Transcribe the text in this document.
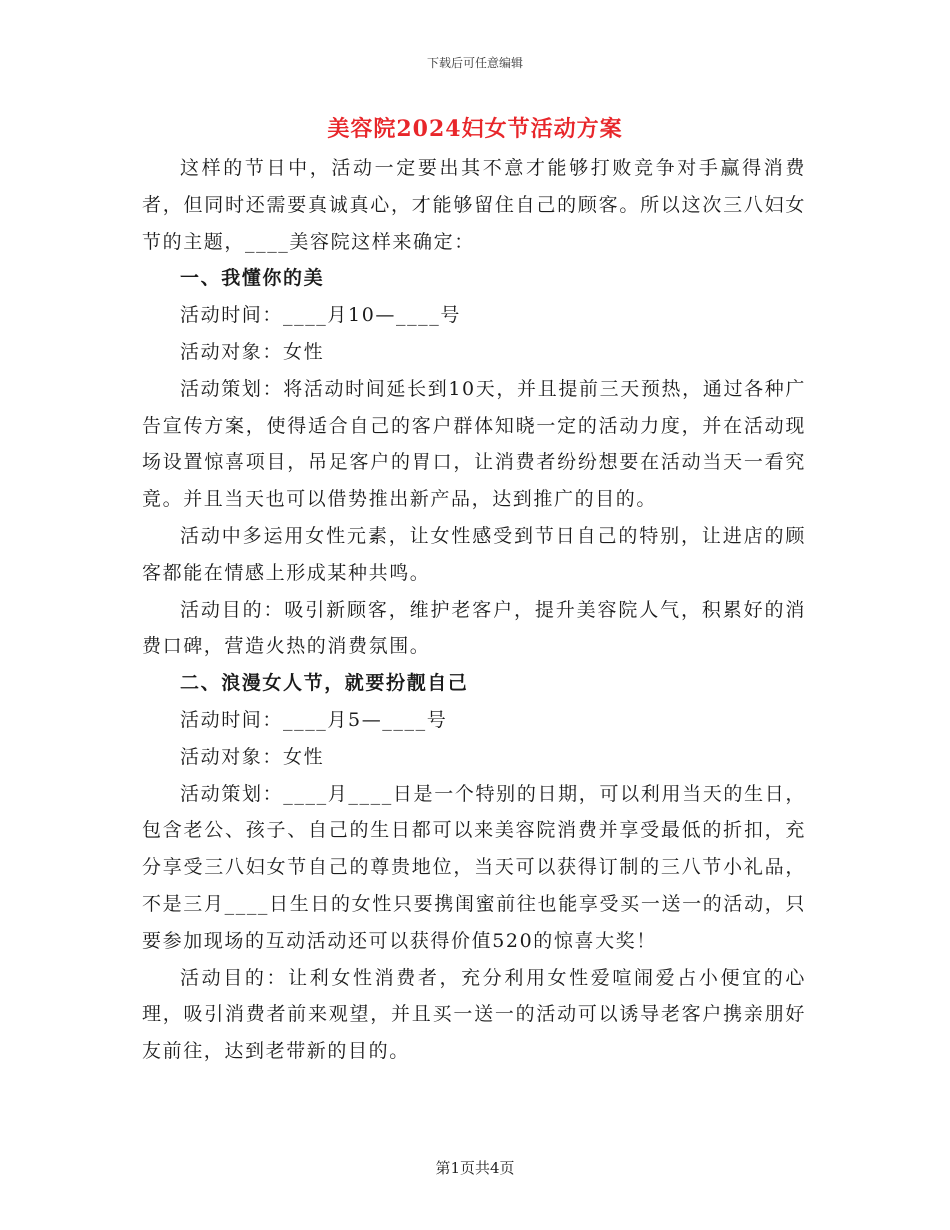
下载后可任意编辑
美容院2024妇女节活动方案

这样的节日中，活动一定要出其不意才能够打败竞争对手赢得消费者，但同时还需要真诚真心，才能够留住自己的顾客。所以这次三八妇女节的主题，____美容院这样来确定：

一、我懂你的美

活动时间：____月10—____号

活动对象：女性

活动策划：将活动时间延长到10天，并且提前三天预热，通过各种广告宣传方案，使得适合自己的客户群体知晓一定的活动力度，并在活动现场设置惊喜项目，吊足客户的胃口，让消费者纷纷想要在活动当天一看究竟。并且当天也可以借势推出新产品，达到推广的目的。

活动中多运用女性元素，让女性感受到节日自己的特别，让进店的顾客都能在情感上形成某种共鸣。

活动目的：吸引新顾客，维护老客户，提升美容院人气，积累好的消费口碑，营造火热的消费氛围。

二、浪漫女人节，就要扮靓自己

活动时间：____月5—____号

活动对象：女性

活动策划：____月____日是一个特别的日期，可以利用当天的生日，包含老公、孩子、自己的生日都可以来美容院消费并享受最低的折扣，充分享受三八妇女节自己的尊贵地位，当天可以获得订制的三八节小礼品，不是三月____日生日的女性只要携闺蜜前往也能享受买一送一的活动，只要参加现场的互动活动还可以获得价值520的惊喜大奖！

活动目的：让利女性消费者，充分利用女性爱喧闹爱占小便宜的心理，吸引消费者前来观望，并且买一送一的活动可以诱导老客户携亲朋好友前往，达到老带新的目的。

第1页共4页
